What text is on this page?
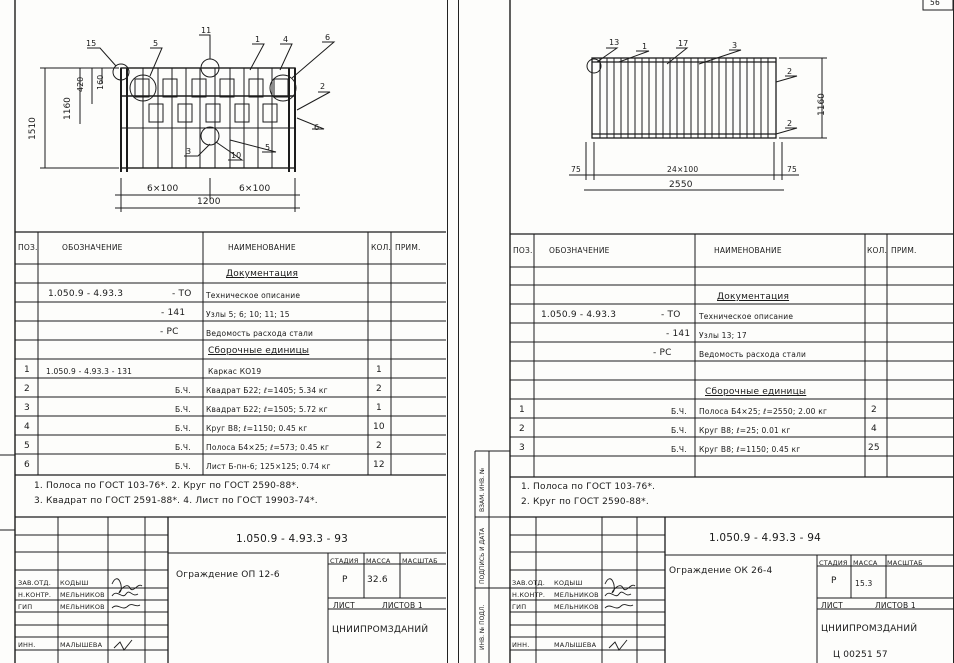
15	5
11
1	4	6
2
6
3	10
5
1510
1160
420 160
6×100	6×100
1200
ПОЗ.	ОБОЗНАЧЕНИЕ	НАИМЕНОВАНИЕ	КОЛ. ПРИМ.
Документация
1.050.9 - 4.93.3	- ТО Техническое описание
- 141	Узлы 5; 6; 10; 11; 15
- РС	Ведомость расхода стали
Сборочные единицы
1 1.050.9 - 4.93.3 - 131	Каркас КО19	1
2	Б.Ч. Квадрат Б22; ℓ=1405; 5.34 кг	2
3	Б.Ч. Квадрат Б22; ℓ=1505; 5.72 кг	1
4	Б.Ч. Круг В8; ℓ=1150; 0.45 кг	10
5	Б.Ч. Полоса Б4×25; ℓ=573; 0.45 кг	2
6	Б.Ч. Лист Б-пн-6; 125×125; 0.74 кг	12
1. Полоса по ГОСТ 103-76*. 2. Круг по ГОСТ 2590-88*.
3. Квадрат по ГОСТ 2591-88*. 4. Лист по ГОСТ 19903-74*.
1.050.9 - 4.93.3 - 93
Ограждение ОП 12-6
СТАДИЯ МАССА МАСШТАБ
Р 32.6
ЛИСТ	ЛИСТОВ 1
ЦНИИПРОМЗДАНИЙ
ЗАВ.ОТД. КОДЫШ
Н.КОНТР. МЕЛЬНИКОВ
ГИП	МЕЛЬНИКОВ
ИНН.	МАЛЫШЕВА
56
13	1	17	3
2
2
1160
75	24×100	75
2550
ПОЗ. ОБОЗНАЧЕНИЕ	НАИМЕНОВАНИЕ	КОЛ. ПРИМ.
Документация
1.050.9 - 4.93.3	- ТО Техническое описание
- 141 Узлы 13; 17
- РС	Ведомость расхода стали
Сборочные единицы
1	Б.Ч. Полоса Б4×25; ℓ=2550; 2.00 кг	2
2	Б.Ч. Круг В8; ℓ=25; 0.01 кг	4
3	Б.Ч. Круг В8; ℓ=1150; 0.45 кг	25
1. Полоса по ГОСТ 103-76*.
2. Круг по ГОСТ 2590-88*.
ВЗАМ. ИНВ. №
ПОДПИСЬ И ДАТА
ИНВ. № ПОДЛ.
1.050.9 - 4.93.3 - 94
Ограждение ОК 26-4
СТАДИЯ МАССА МАСШТАБ
Р 15.3
ЛИСТ	ЛИСТОВ 1
ЦНИИПРОМЗДАНИЙ
ЗАВ.ОТД. КОДЫШ
Н.КОНТР. МЕЛЬНИКОВ
ГИП	МЕЛЬНИКОВ
ИНН.	МАЛЫШЕВА
Ц 00251 57
